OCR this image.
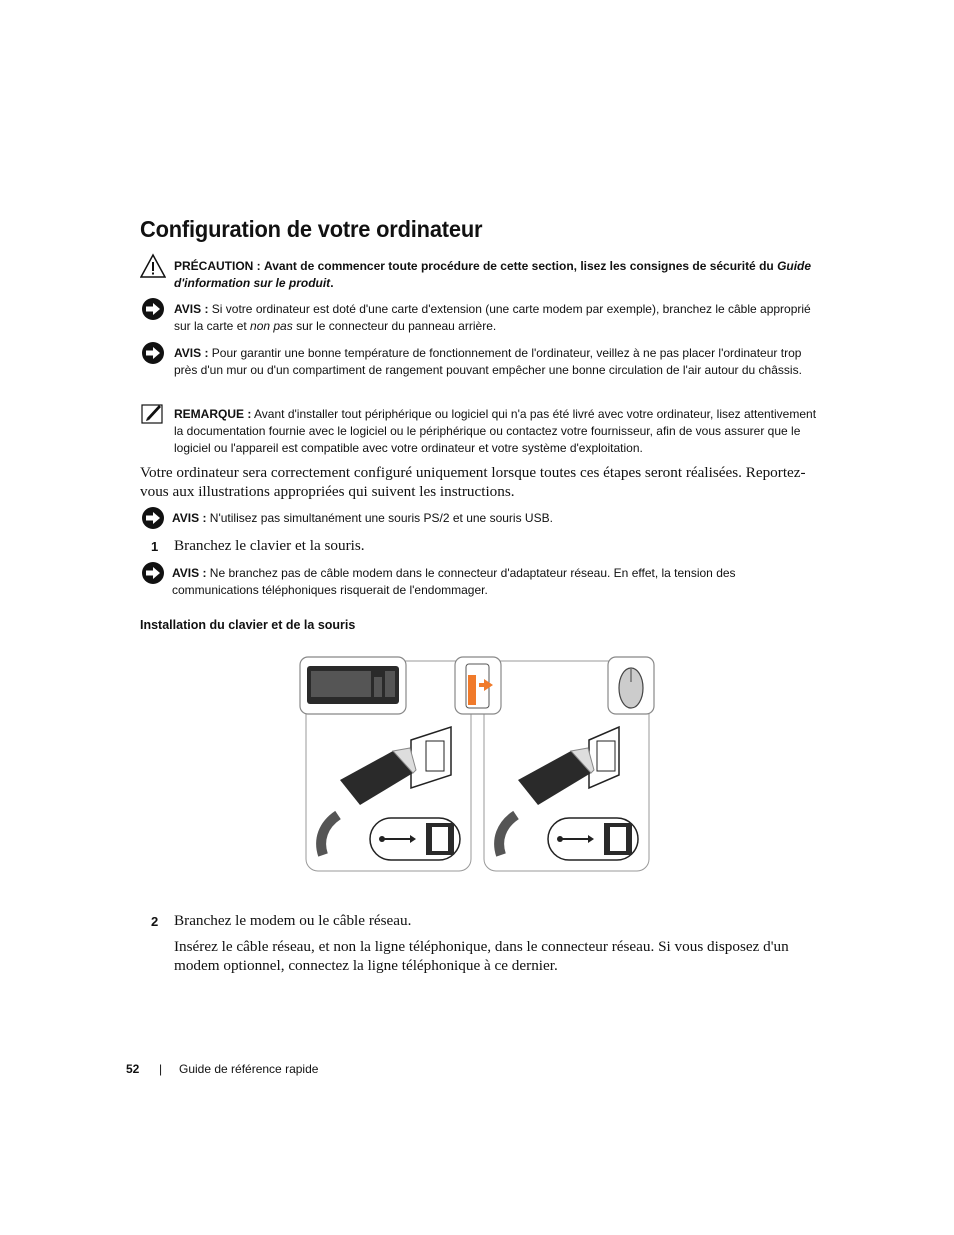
Configuration de votre ordinateur
PRÉCAUTION : Avant de commencer toute procédure de cette section, lisez les consignes de sécurité du Guide d'information sur le produit.
AVIS : Si votre ordinateur est doté d'une carte d'extension (une carte modem par exemple), branchez le câble approprié sur la carte et non pas sur le connecteur du panneau arrière.
AVIS : Pour garantir une bonne température de fonctionnement de l'ordinateur, veillez à ne pas placer l'ordinateur trop près d'un mur ou d'un compartiment de rangement pouvant empêcher une bonne circulation de l'air autour du châssis.
REMARQUE : Avant d'installer tout périphérique ou logiciel qui n'a pas été livré avec votre ordinateur, lisez attentivement la documentation fournie avec le logiciel ou le périphérique ou contactez votre fournisseur, afin de vous assurer que le logiciel ou l'appareil est compatible avec votre ordinateur et votre système d'exploitation.
Votre ordinateur sera correctement configuré uniquement lorsque toutes ces étapes seront réalisées. Reportez-vous aux illustrations appropriées qui suivent les instructions.
AVIS : N'utilisez pas simultanément une souris PS/2 et une souris USB.
1 Branchez le clavier et la souris.
AVIS : Ne branchez pas de câble modem dans le connecteur d'adaptateur réseau. En effet, la tension des communications téléphoniques risquerait de l'endommager.
Installation du clavier et de la souris
2 Branchez le modem ou le câble réseau.
Insérez le câble réseau, et non la ligne téléphonique, dans le connecteur réseau. Si vous disposez d'un modem optionnel, connectez la ligne téléphonique à ce dernier.
52 | Guide de référence rapide
